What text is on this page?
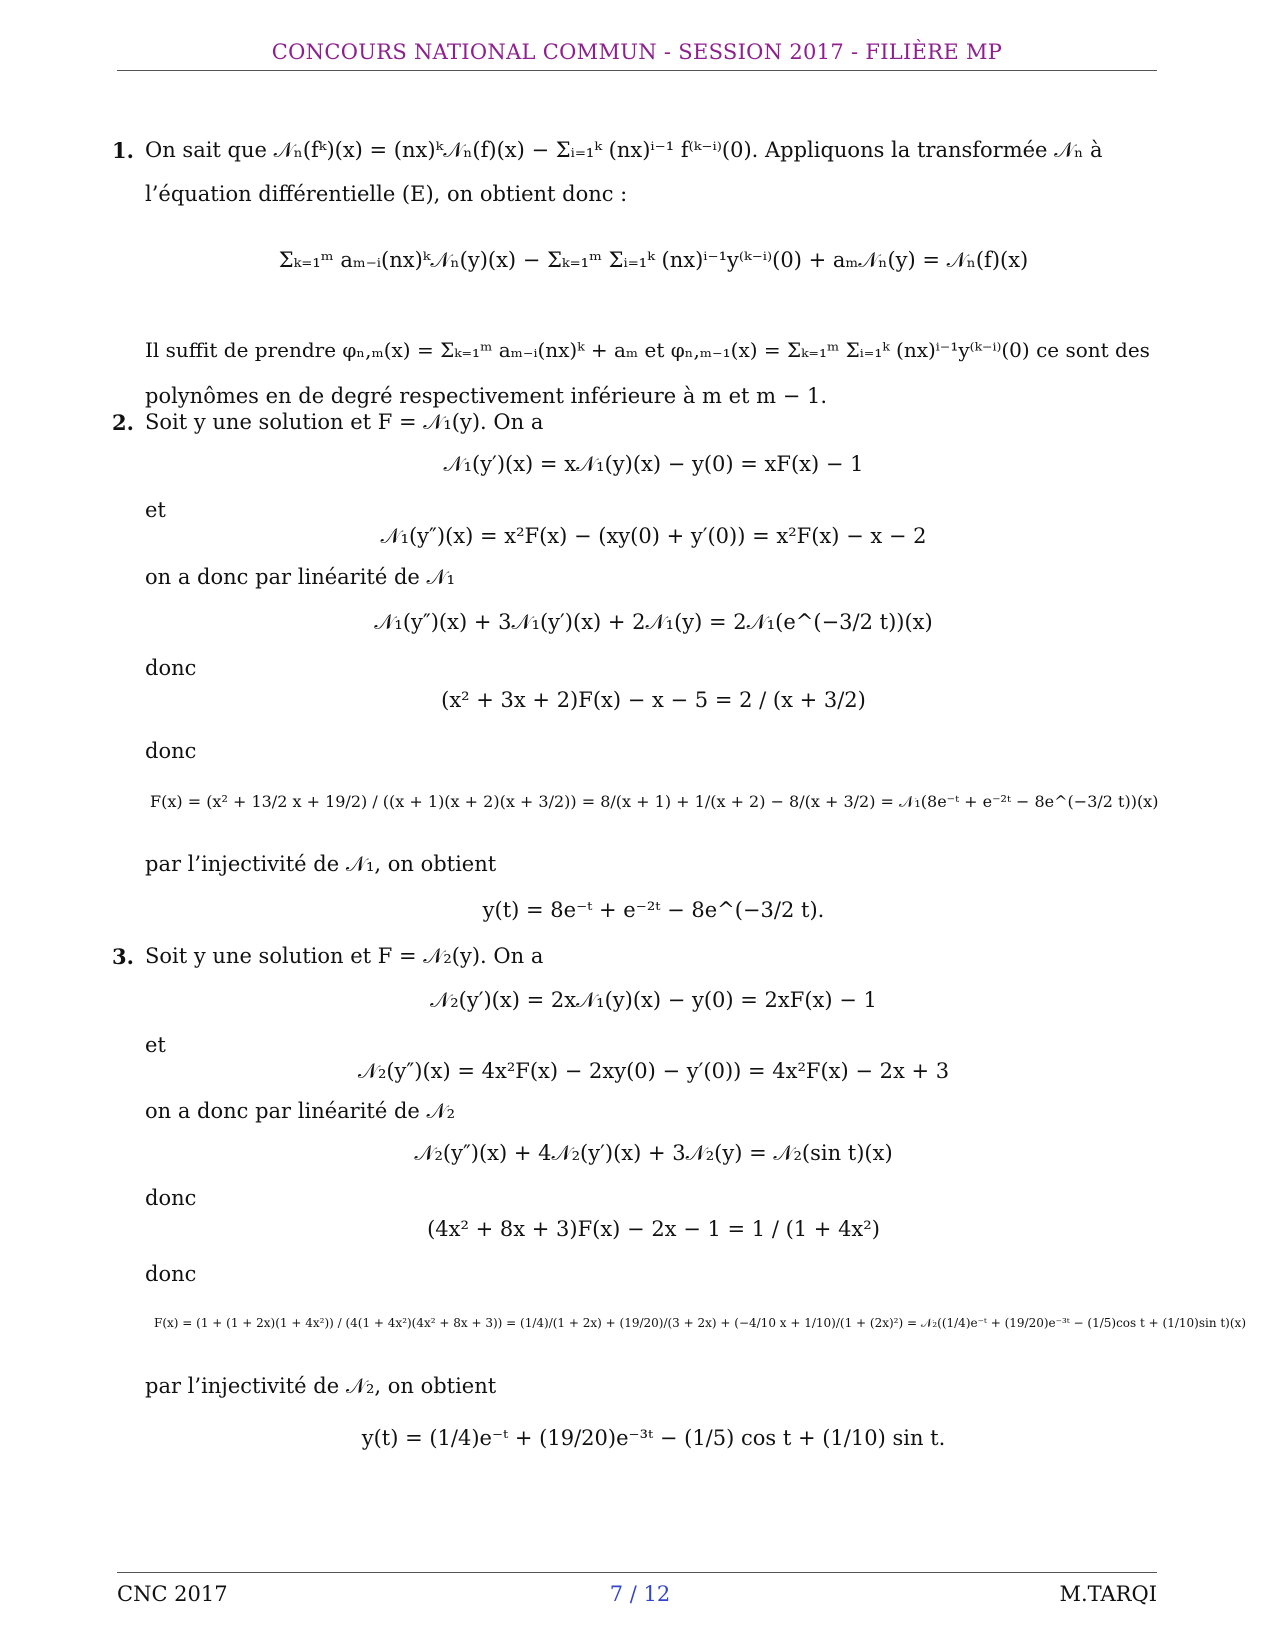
CONCOURS NATIONAL COMMUN - SESSION 2017 - FILIÈRE MP
1. On sait que 𝒩ₙ(fᵏ)(x) = (nx)ᵏ𝒩ₙ(f)(x) − Σᵢ₌₁ᵏ (nx)ⁱ⁻¹ f⁽ᵏ⁻ⁱ⁾(0). Appliquons la transformée 𝒩ₙ à
l’équation différentielle (E), on obtient donc :
Σₖ₌₁ᵐ aₘ₋ᵢ(nx)ᵏ𝒩ₙ(y)(x) − Σₖ₌₁ᵐ Σᵢ₌₁ᵏ (nx)ⁱ⁻¹y⁽ᵏ⁻ⁱ⁾(0) + aₘ𝒩ₙ(y) = 𝒩ₙ(f)(x)
Il suffit de prendre φₙ,ₘ(x) = Σₖ₌₁ᵐ aₘ₋ᵢ(nx)ᵏ + aₘ et φₙ,ₘ₋₁(x) = Σₖ₌₁ᵐ Σᵢ₌₁ᵏ (nx)ⁱ⁻¹y⁽ᵏ⁻ⁱ⁾(0) ce sont des
polynômes en de degré respectivement inférieure à m et m − 1.
2. Soit y une solution et F = 𝒩₁(y). On a
𝒩₁(y′)(x) = x𝒩₁(y)(x) − y(0) = xF(x) − 1
et
𝒩₁(y″)(x) = x²F(x) − (xy(0) + y′(0)) = x²F(x) − x − 2
on a donc par linéarité de 𝒩₁
𝒩₁(y″)(x) + 3𝒩₁(y′)(x) + 2𝒩₁(y) = 2𝒩₁(e^(−3/2 t))(x)
donc
(x² + 3x + 2)F(x) − x − 5 = 2 / (x + 3/2)
donc
F(x) = (x² + 13/2 x + 19/2) / ((x + 1)(x + 2)(x + 3/2)) = 8/(x + 1) + 1/(x + 2) − 8/(x + 3/2) = 𝒩₁(8e⁻ᵗ + e⁻²ᵗ − 8e^(−3/2 t))(x)
par l’injectivité de 𝒩₁, on obtient
y(t) = 8e⁻ᵗ + e⁻²ᵗ − 8e^(−3/2 t).
3. Soit y une solution et F = 𝒩₂(y). On a
𝒩₂(y′)(x) = 2x𝒩₁(y)(x) − y(0) = 2xF(x) − 1
et
𝒩₂(y″)(x) = 4x²F(x) − 2xy(0) − y′(0)) = 4x²F(x) − 2x + 3
on a donc par linéarité de 𝒩₂
𝒩₂(y″)(x) + 4𝒩₂(y′)(x) + 3𝒩₂(y) = 𝒩₂(sin t)(x)
donc
(4x² + 8x + 3)F(x) − 2x − 1 = 1 / (1 + 4x²)
donc
F(x) = (1 + (1 + 2x)(1 + 4x²)) / (4(1 + 4x²)(4x² + 8x + 3)) = (1/4)/(1 + 2x) + (19/20)/(3 + 2x) + (−4/10 x + 1/10)/(1 + (2x)²) = 𝒩₂((1/4)e⁻ᵗ + (19/20)e⁻³ᵗ − (1/5)cos t + (1/10)sin t)(x)
par l’injectivité de 𝒩₂, on obtient
y(t) = (1/4)e⁻ᵗ + (19/20)e⁻³ᵗ − (1/5) cos t + (1/10) sin t.
CNC 2017	7 / 12	M.TARQI
